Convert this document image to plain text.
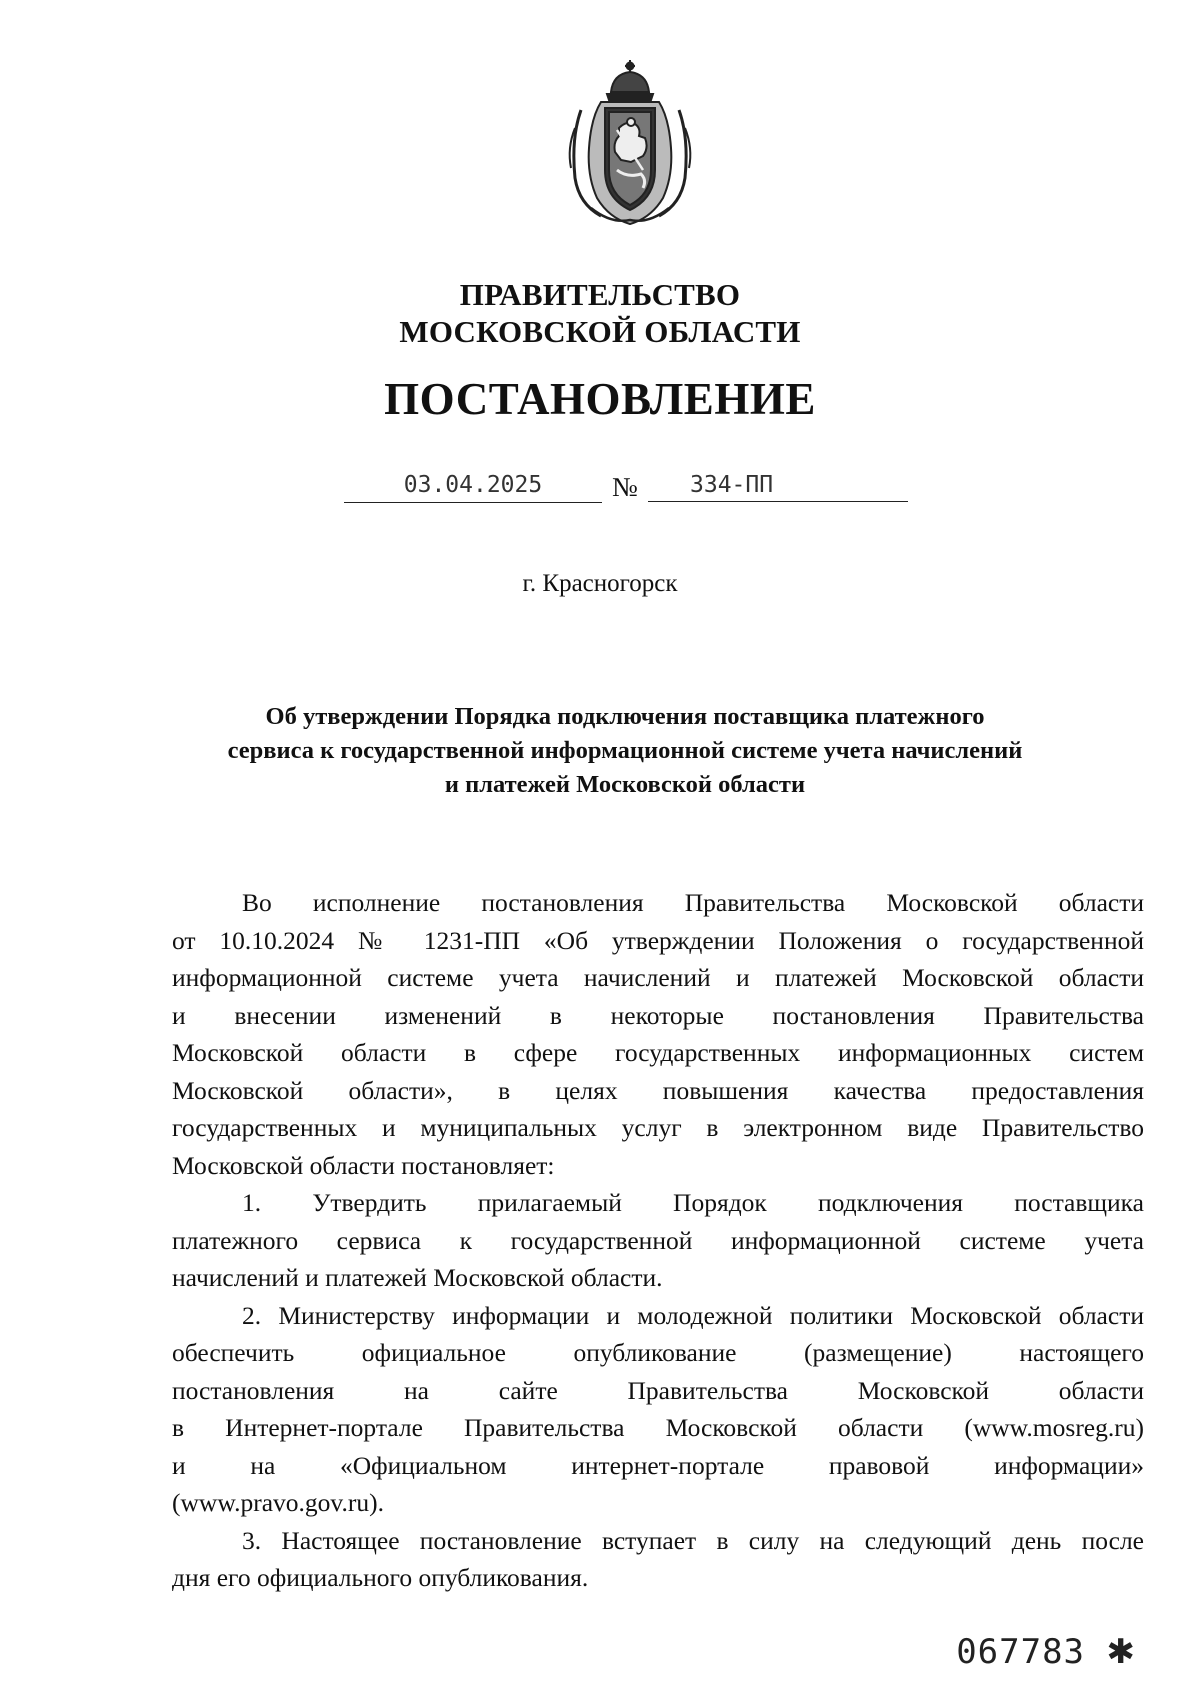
ПРАВИТЕЛЬСТВО
МОСКОВСКОЙ ОБЛАСТИ
ПОСТАНОВЛЕНИЕ
03.04.2025	№	334-ПП
г. Красногорск
Об утверждении Порядка подключения поставщика платежного
сервиса к государственной информационной системе учета начислений
и платежей Московской области
Во исполнение постановления Правительства Московской области
от 10.10.2024 № 1231-ПП «Об утверждении Положения о государственной
информационной системе учета начислений и платежей Московской области
и внесении изменений в некоторые постановления Правительства
Московской области в сфере государственных информационных систем
Московской области», в целях повышения качества предоставления
государственных и муниципальных услуг в электронном виде Правительство
Московской области постановляет:
1. Утвердить прилагаемый Порядок подключения поставщика
платежного сервиса к государственной информационной системе учета
начислений и платежей Московской области.
2. Министерству информации и молодежной политики Московской области
обеспечить официальное опубликование (размещение) настоящего
постановления на сайте Правительства Московской области
в Интернет-портале Правительства Московской области (www.mosreg.ru)
и на «Официальном интернет-портале правовой информации»
(www.pravo.gov.ru).
3. Настоящее постановление вступает в силу на следующий день после
дня его официального опубликования.
067783 ✱
